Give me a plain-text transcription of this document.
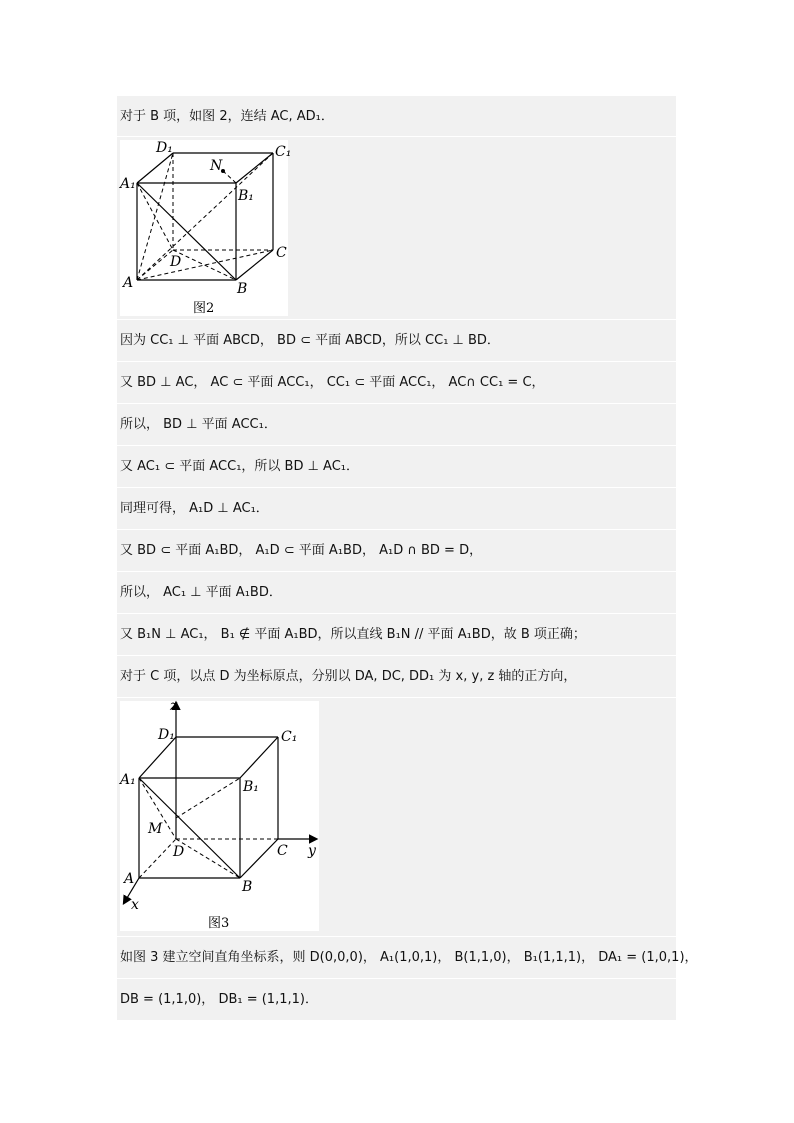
对于 B 项，如图 2，连结 AC, AD₁．
D₁	C₁
A₁
B₁
N
D
C
A	B
图2
因为 CC₁ ⊥ 平面 ABCD， BD ⊂ 平面 ABCD，所以 CC₁ ⊥ BD．
又 BD ⊥ AC， AC ⊂ 平面 ACC₁， CC₁ ⊂ 平面 ACC₁， AC∩ CC₁ = C，
所以， BD ⊥ 平面 ACC₁．
又 AC₁ ⊂ 平面 ACC₁，所以 BD ⊥ AC₁．
同理可得， A₁D ⊥ AC₁．
又 BD ⊂ 平面 A₁BD， A₁D ⊂ 平面 A₁BD， A₁D ∩ BD = D，
所以， AC₁ ⊥ 平面 A₁BD．
又 B₁N ⊥ AC₁， B₁ ∉ 平面 A₁BD，所以直线 B₁N // 平面 A₁BD，故 B 项正确；
对于 C 项，以点 D 为坐标原点，分别以 DA, DC, DD₁ 为 x, y, z 轴的正方向，
z
y
x
D₁	C₁
A₁	B₁
M
D	C
A	B
图3
如图 3 建立空间直角坐标系，则 D(0,0,0)， A₁(1,0,1)， B(1,1,0)， B₁(1,1,1)， DA₁ = (1,0,1)，
DB = (1,1,0)， DB₁ = (1,1,1)．
